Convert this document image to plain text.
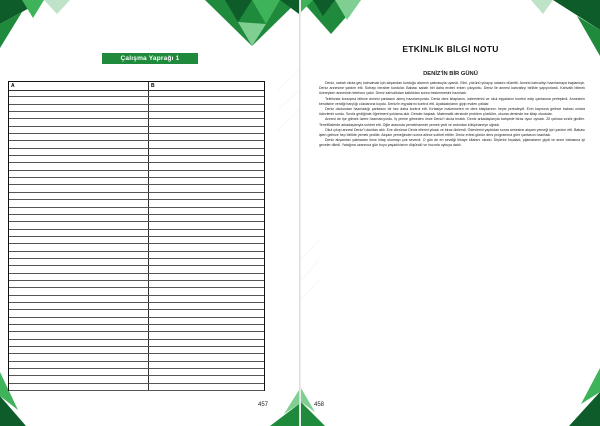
Çalışma Yaprağı 1
A	B
457
ETKİNLİK BİLGİ NOTU
DENİZ'İN BİR GÜNÜ

Deniz, sabah okula geç kalmamak için alışandan kurduğu alarmın çalmasıyla uyandı. Elini, yüzünü yıkayıp odasını düzeltti. Annesi kahvaltıyı hazırlamaya başlamıştı. Deniz annesine yardım etti. Sofrayı beraber kurdular. Babası sabah biri daha erdeni erken çıkıyordu. Deniz ile annesi kahvaltıyı birlikte yapıyorlardı. Kahvaltı bitmek üzereyken annesinin telefonu çaldı. Deniz kahvaltıdan kalktıktan sonra beslenmesini hazırladı.

Telefonda konuşma bitince annesi çantasını almış hazırlanıyordu. Deniz ders kitaplarını, kalemlerini ve okul eşyalarını kontrol edip çantasına yerleştirdi. Annesinin kendisine verdiği harçlığı cüzdanına koydu. Deniz'in eşyalarını kontrol etti. Ayakkabılarını giyip evden çıktılar.

Deniz okulundan hazırladığı çantasını bir kez daha kontrol etti. Kırtasiye malzemeleri ve ders kitaplarının hepsi yerindeydi. Evin kapısına gelince babası onlara ödevlerini sordu. Sınıfa girdiğinde öğretmeni yoklama aldı. Dersler başladı. Matematik dersinde problem çözdüler, okuma dersinde ise kitap okudular.

Annesi de işe gitmek üzere hazırlanıyordu. İş yerine gitmeden önce Deniz'i okula bıraktı. Deniz arkadaşlarıyla bahçede biraz oyun oynadı. Zil çalınca sınıfa girdiler. Teneffüslerde arkadaşlarıyla sohbet etti. Öğle arasında yemekhanede yemek yedi ve ardından kütüphaneye uğradı.

Okul çıkışı annesi Deniz'i okuldan aldı. Eve dönünce Deniz ellerini yıkadı ve biraz dinlendi. Ödevlerini yaptıktan sonra annesine akşam yemeği için yardım etti. Babası işten gelince hep birlikte yemek yediler. Akşam yemeğinden sonra ailece sohbet ettiler. Deniz ertesi günün ders programına göre çantasını hazırladı.

Deniz akşamları yatmadan önce kitap okumayı çok severdi. O gün de en sevdiği hikaye kitabını okudu. Dişlerini fırçaladı, pijamalarını giydi ve anne babasına iyi geceler diledi. Yatağına uzanınca gün boyu yaşadıklarını düşündü ve huzurla uykuya daldı.

458
